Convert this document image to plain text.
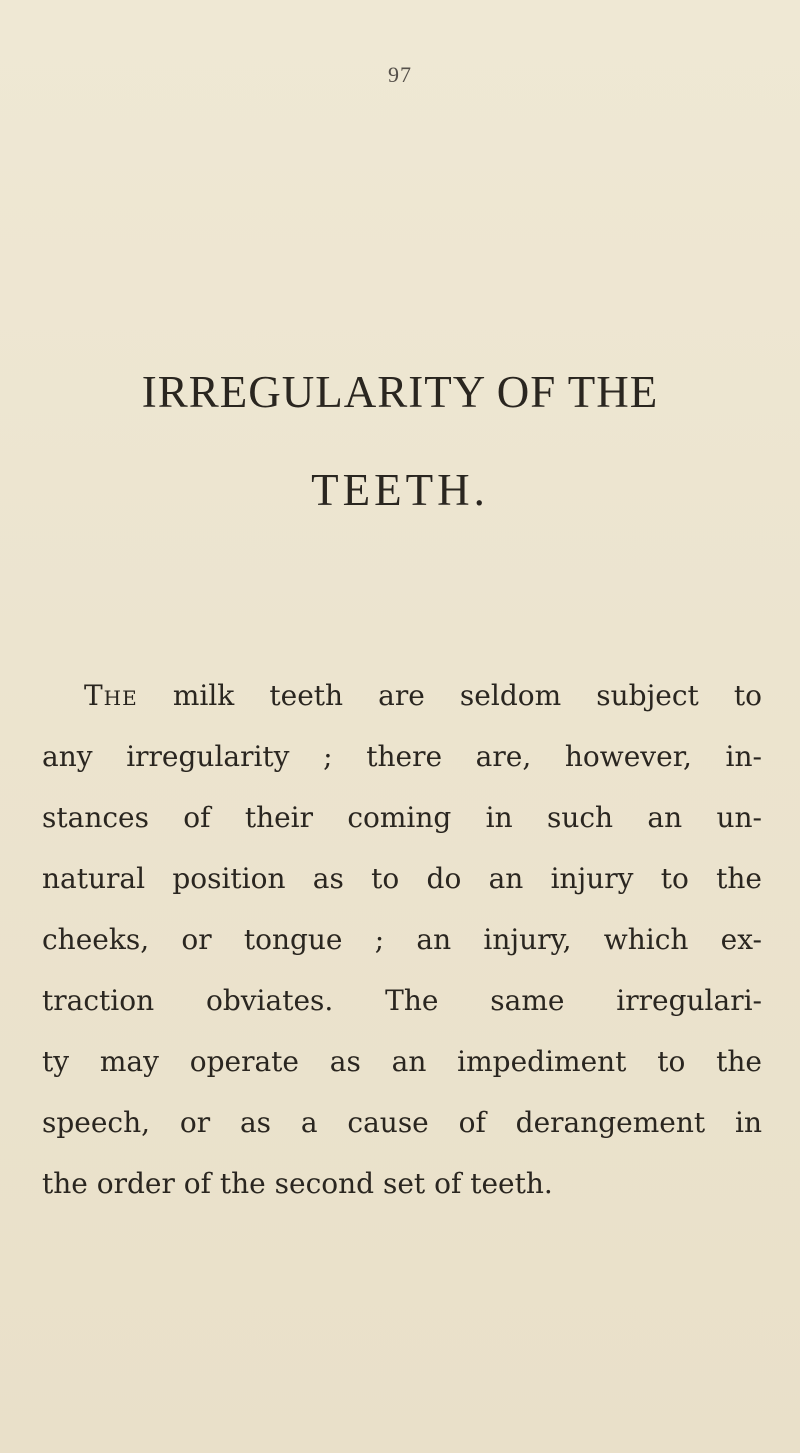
97
IRREGULARITY OF THE
TEETH.
The milk teeth are seldom subject to
any irregularity ; there are, however, in-
stances of their coming in such an un-
natural position as to do an injury to the
cheeks, or tongue ; an injury, which ex-
traction obviates. The same irregulari-
ty may operate as an impediment to the
speech, or as a cause of derangement in
the order of the second set of teeth.
